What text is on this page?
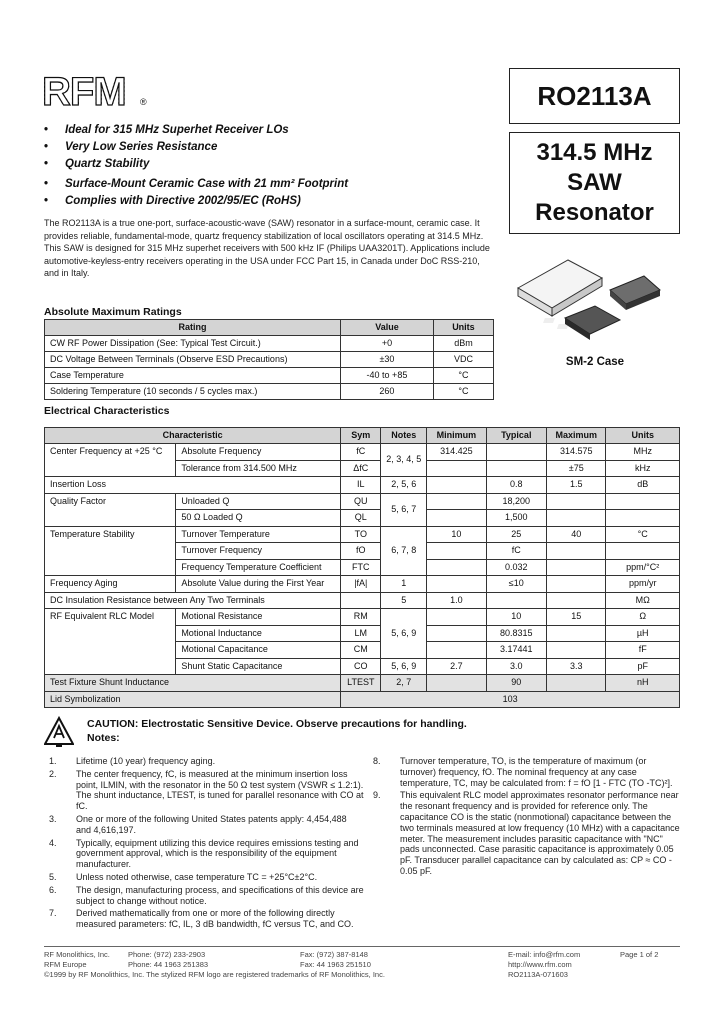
RFM ®	RO2113A
314.5 MHz
SAW
Resonator
• Ideal for 315 MHz Superhet Receiver LOs
• Very Low Series Resistance
• Quartz Stability
• Surface-Mount Ceramic Case with 21 mm² Footprint
• Complies with Directive 2002/95/EC (RoHS)
The RO2113A is a true one-port, surface-acoustic-wave (SAW) resonator in a surface-mount, ceramic case. It provides reliable, fundamental-mode, quartz frequency stabilization of local oscillators operating at 314.5 MHz. This SAW is designed for 315 MHz superhet receivers with 500 kHz IF (Philips UAA3201T). Applications include automotive-keyless-entry receivers operating in the USA under FCC Part 15, in Canada under DoC RSS-210, and in Italy.
SM-2 Case
Absolute Maximum Ratings
Rating	Value	Units
CW RF Power Dissipation (See: Typical Test Circuit.)	+0	dBm
DC Voltage Between Terminals (Observe ESD Precautions)	±30	VDC
Case Temperature	-40 to +85	°C
Soldering Temperature (10 seconds / 5 cycles max.)	260	°C
Electrical Characteristics
Characteristic		Sym	Notes	Minimum	Typical	Maximum	Units
Center Frequency at +25 °C	Absolute Frequency	fC	2, 3, 4, 5	314.425		314.575	MHz
	Tolerance from 314.500 MHz	ΔfC				±75	kHz
Insertion Loss		IL	2, 5, 6		0.8	1.5	dB
Quality Factor	Unloaded Q	QU	5, 6, 7		18,200		
	50 Ω Loaded Q	QL			1,500		
Temperature Stability	Turnover Temperature	TO	6, 7, 8	10	25	40	°C
	Turnover Frequency	fO			fC		
	Frequency Temperature Coefficient	FTC			0.032		ppm/°C²
Frequency Aging	Absolute Value during the First Year	|fA|	1		≤10		ppm/yr
DC Insulation Resistance between Any Two Terminals			5	1.0			MΩ
RF Equivalent RLC Model	Motional Resistance	RM	5, 6, 9		10	15	Ω
	Motional Inductance	LM			80.8315		µH
	Motional Capacitance	CM			3.17441		fF
	Shunt Static Capacitance	CO	5, 6, 9	2.7	3.0	3.3	pF
Test Fixture Shunt Inductance		LTEST	2, 7		90		nH
Lid Symbolization		103					
CAUTION: Electrostatic Sensitive Device. Observe precautions for handling.
Notes:
1. Lifetime (10 year) frequency aging.
2. The center frequency, fC, is measured at the minimum insertion loss point, ILMIN, with the resonator in the 50 Ω test system (VSWR ≤ 1.2:1). The shunt inductance, LTEST, is tuned for parallel resonance with CO at fC.
3. One or more of the following United States patents apply: 4,454,488 and 4,616,197.
4. Typically, equipment utilizing this device requires emissions testing and government approval, which is the responsibility of the equipment manufacturer.
5. Unless noted otherwise, case temperature TC = +25°C±2°C.
6. The design, manufacturing process, and specifications of this device are subject to change without notice.
7. Derived mathematically from one or more of the following directly measured parameters: fC, IL, 3 dB bandwidth, fC versus TC, and CO.
8. Turnover temperature, TO, is the temperature of maximum (or turnover) frequency, fO. The nominal frequency at any case temperature, TC, may be calculated from: f = fO [1 - FTC (TO -TC)²].
9. This equivalent RLC model approximates resonator performance near the resonant frequency and is provided for reference only. The capacitance CO is the static (nonmotional) capacitance between the two terminals measured at low frequency (10 MHz) with a capacitance meter. The measurement includes parasitic capacitance with "NC" pads unconnected. Case parasitic capacitance is approximately 0.05 pF. Transducer parallel capacitance can by calculated as: CP ≈ CO - 0.05 pF.
RF Monolithics, Inc.
RFM Europe
©1999 by RF Monolithics, Inc. The stylized RFM logo are registered trademarks of RF Monolithics, Inc.
Phone: (972) 233-2903
Phone: 44 1963 251383
Fax: (972) 387-8148
Fax: 44 1963 251510
E-mail: info@rfm.com
http://www.rfm.com
RO2113A-071603
Page 1 of 2
